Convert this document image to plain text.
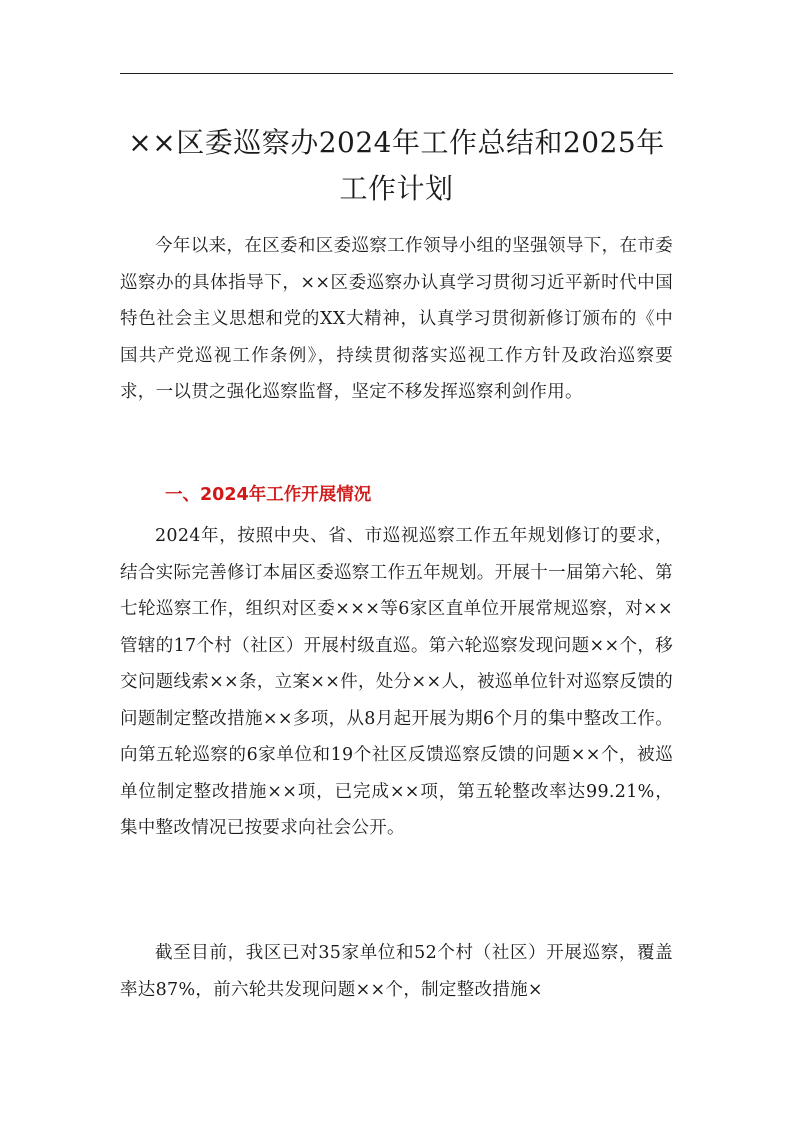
××区委巡察办2024年工作总结和2025年工作计划

今年以来，在区委和区委巡察工作领导小组的坚强领导下，在市委巡察办的具体指导下，××区委巡察办认真学习贯彻习近平新时代中国特色社会主义思想和党的XX大精神，认真学习贯彻新修订颁布的《中国共产党巡视工作条例》，持续贯彻落实巡视工作方针及政治巡察要求，一以贯之强化巡察监督，坚定不移发挥巡察利剑作用。

一、2024年工作开展情况

2024年，按照中央、省、市巡视巡察工作五年规划修订的要求，结合实际完善修订本届区委巡察工作五年规划。开展十一届第六轮、第七轮巡察工作，组织对区委×××等6家区直单位开展常规巡察，对××管辖的17个村（社区）开展村级直巡。第六轮巡察发现问题××个，移交问题线索××条，立案××件，处分××人，被巡单位针对巡察反馈的问题制定整改措施××多项，从8月起开展为期6个月的集中整改工作。向第五轮巡察的6家单位和19个社区反馈巡察反馈的问题××个，被巡单位制定整改措施××项，已完成××项，第五轮整改率达99.21%，集中整改情况已按要求向社会公开。

截至目前，我区已对35家单位和52个村（社区）开展巡察，覆盖率达87%，前六轮共发现问题××个，制定整改措施×
